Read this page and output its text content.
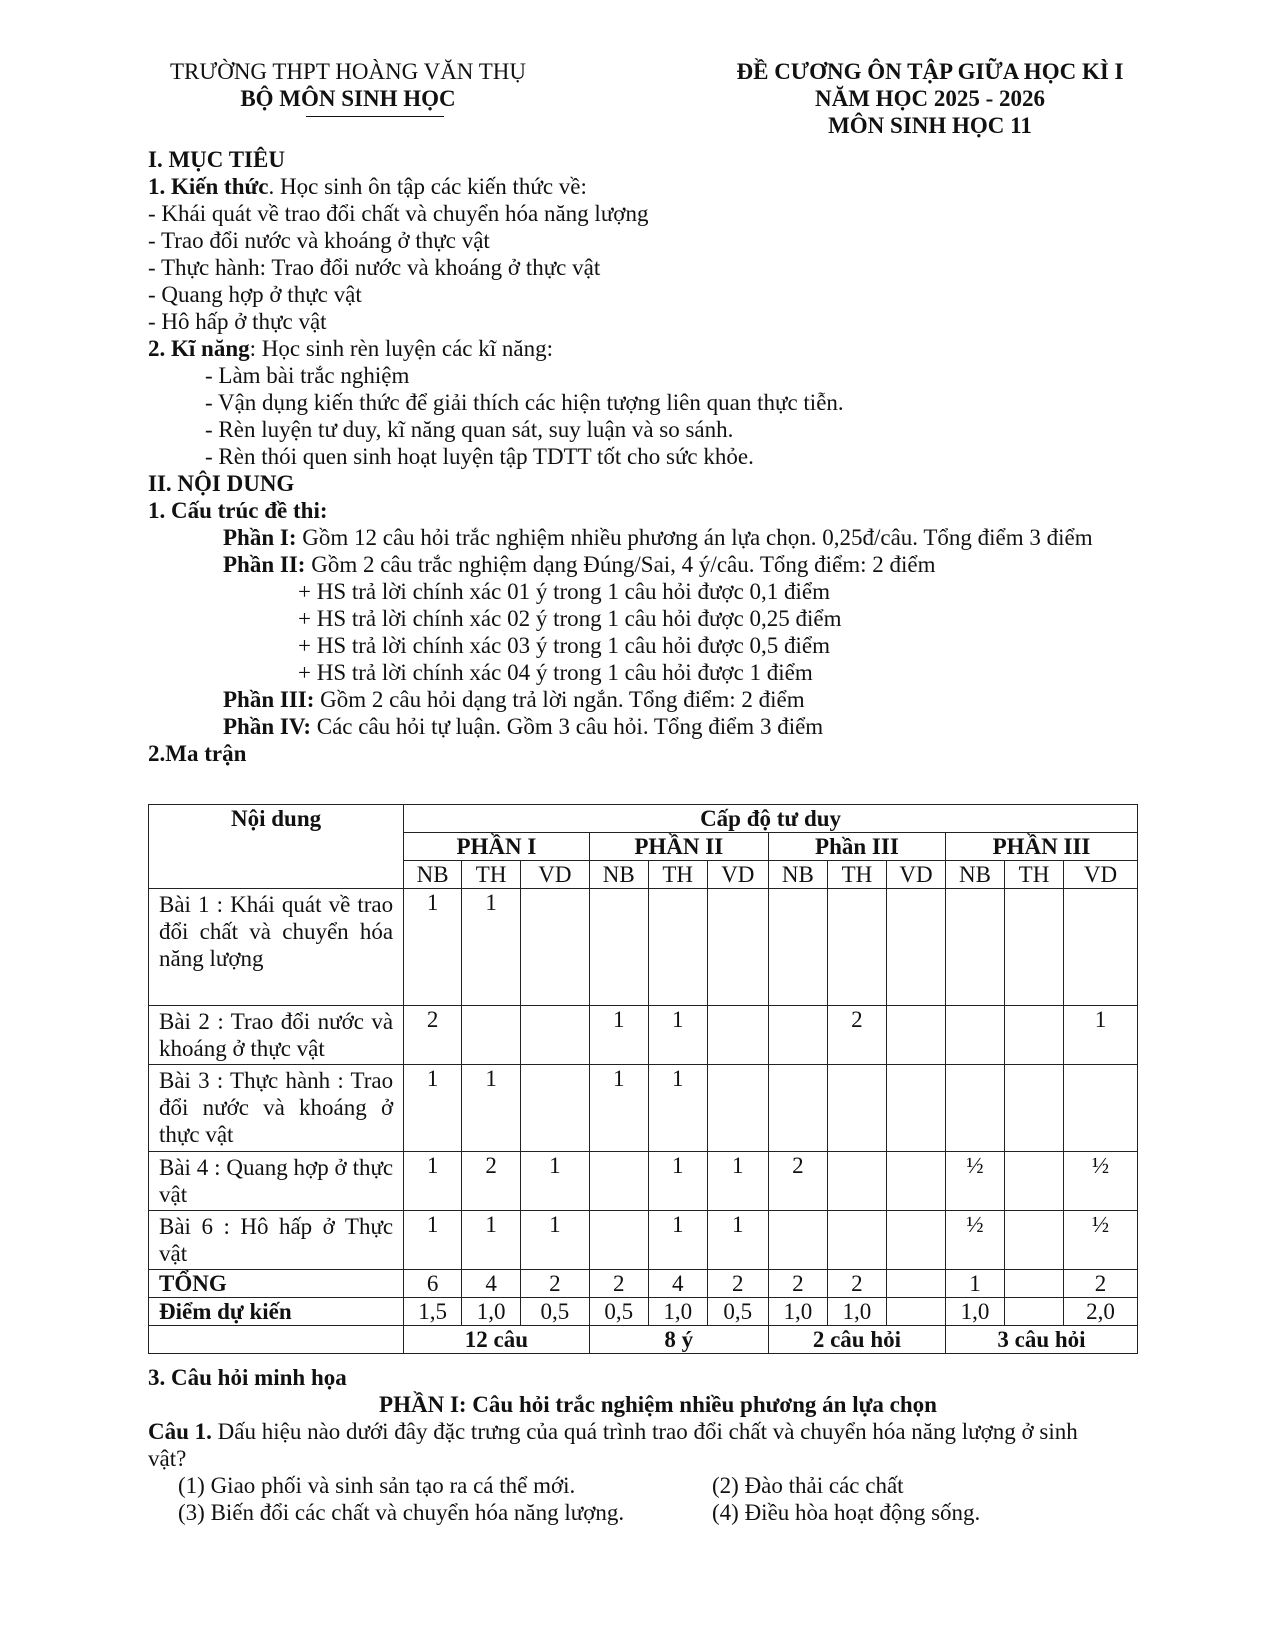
TRƯỜNG THPT HOÀNG VĂN THỤ
BỘ MÔN SINH HỌC
ĐỀ CƯƠNG ÔN TẬP GIỮA HỌC KÌ I
NĂM HỌC 2025 - 2026
MÔN SINH HỌC 11
I. MỤC TIÊU
1. Kiến thức. Học sinh ôn tập các kiến thức về:
- Khái quát về trao đổi chất và chuyển hóa năng lượng
- Trao đổi nước và khoáng ở thực vật
- Thực hành: Trao đổi nước và khoáng ở thực vật
- Quang hợp ở thực vật
- Hô hấp ở thực vật
2. Kĩ năng: Học sinh rèn luyện các kĩ năng:
- Làm bài trắc nghiệm
- Vận dụng kiến thức để giải thích các hiện tượng liên quan thực tiễn.
- Rèn luyện tư duy, kĩ năng quan sát, suy luận và so sánh.
- Rèn thói quen sinh hoạt luyện tập TDTT tốt cho sức khỏe.
II. NỘI DUNG
1. Cấu trúc đề thi:
Phần I: Gồm 12 câu hỏi trắc nghiệm nhiều phương án lựa chọn. 0,25đ/câu. Tổng điểm 3 điểm
Phần II: Gồm 2 câu trắc nghiệm dạng Đúng/Sai, 4 ý/câu. Tổng điểm: 2 điểm
+ HS trả lời chính xác 01 ý trong 1 câu hỏi được 0,1 điểm
+ HS trả lời chính xác 02 ý trong 1 câu hỏi được 0,25 điểm
+ HS trả lời chính xác 03 ý trong 1 câu hỏi được 0,5 điểm
+ HS trả lời chính xác 04 ý trong 1 câu hỏi được 1 điểm
Phần III: Gồm 2 câu hỏi dạng trả lời ngắn. Tổng điểm: 2 điểm
Phần IV: Các câu hỏi tự luận. Gồm 3 câu hỏi. Tổng điểm 3 điểm
2.Ma trận
Nội dung	Cấp độ tư duy											
	PHẦN I			PHẦN II			Phần III			PHẦN III		
	NB	TH	VD	NB	TH	VD	NB	TH	VD	NB	TH	VD
Bài 1 : Khái quát về trao đổi chất và chuyển hóa năng lượng	1	1										
Bài 2 : Trao đổi nước và khoáng ở thực vật	2			1	1			2				1
Bài 3 : Thực hành : Trao đổi nước và khoáng ở thực vật	1	1		1	1							
Bài 4 : Quang hợp ở thực vật	1	2	1		1	1	2			½		½
Bài 6 : Hô hấp ở Thực vật	1	1	1		1	1				½		½
TỔNG	6	4	2	2	4	2	2	2		1		2
Điểm dự kiến	1,5	1,0	0,5	0,5	1,0	0,5	1,0	1,0		1,0		2,0
	12 câu			8 ý			2 câu hỏi			3 câu hỏi		
3. Câu hỏi minh họa
PHẦN I: Câu hỏi trắc nghiệm nhiều phương án lựa chọn
Câu 1. Dấu hiệu nào dưới đây đặc trưng của quá trình trao đổi chất và chuyển hóa năng lượng ở sinh
vật?
(1) Giao phối và sinh sản tạo ra cá thể mới.	(2) Đào thải các chất
(3) Biến đổi các chất và chuyển hóa năng lượng.	(4) Điều hòa hoạt động sống.
